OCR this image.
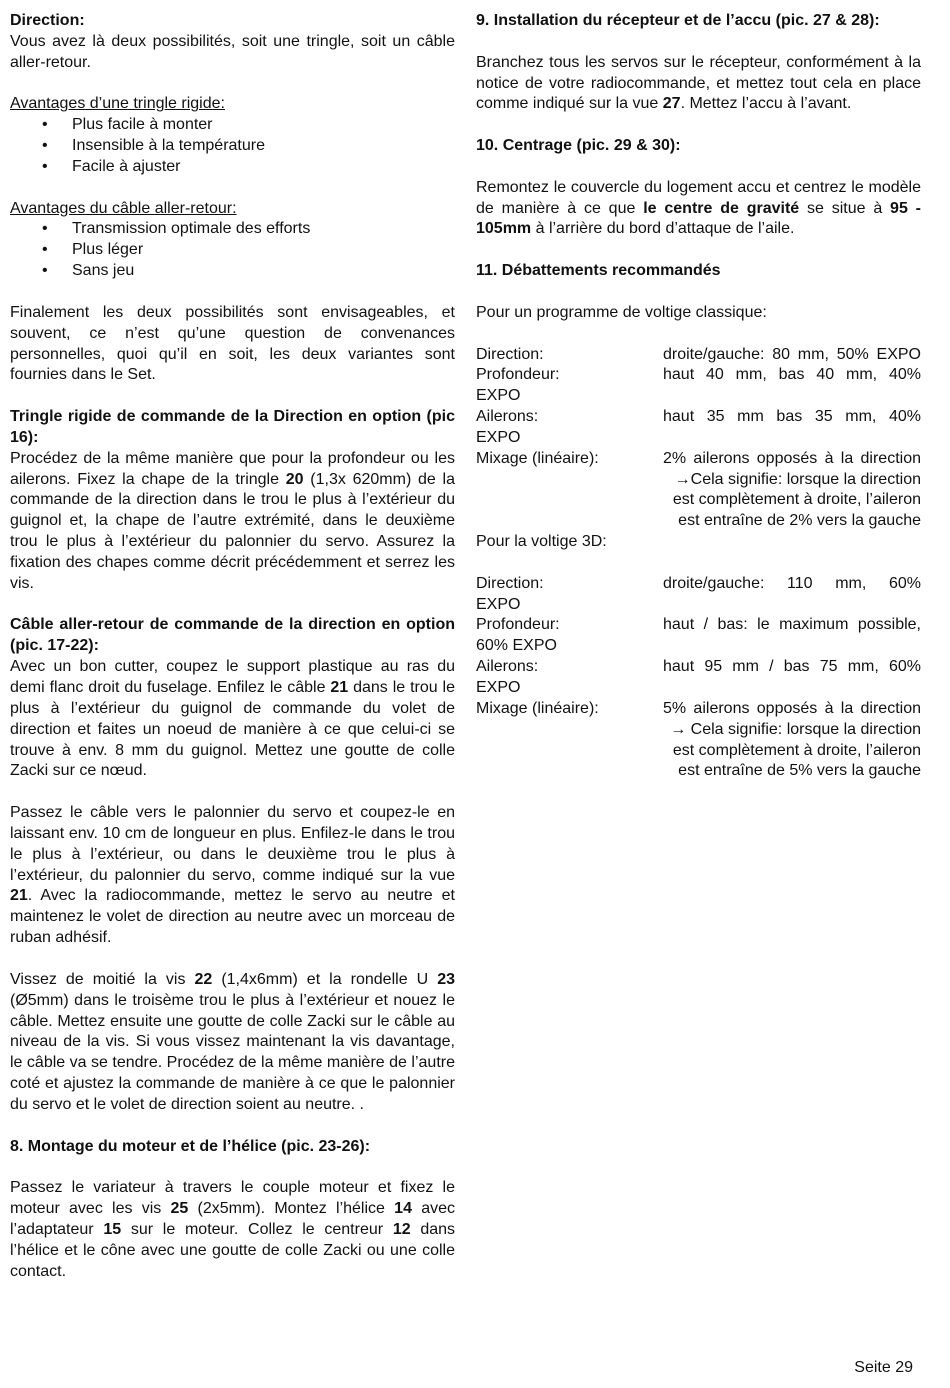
Direction:

Vous avez là deux possibilités, soit une tringle, soit un câble aller-retour.

Avantages d’une tringle rigide:

• Plus facile à monter
• Insensible à la température
• Facile à ajuster

Avantages du câble aller-retour:

• Transmission optimale des efforts
• Plus léger
• Sans jeu

Finalement les deux possibilités sont envisageables, et souvent, ce n’est qu’une question de convenances personnelles, quoi qu’il en soit, les deux variantes sont fournies dans le Set.

Tringle rigide de commande de la Direction en option (pic 16):

Procédez de la même manière que pour la profondeur ou les ailerons. Fixez la chape de la tringle 20 (1,3x 620mm) de la commande de la direction dans le trou le plus à l’extérieur du guignol et, la chape de l’autre extrémité, dans le deuxième trou le plus à l’extérieur du palonnier du servo. Assurez la fixation des chapes comme décrit précédemment et serrez les vis.

Câble aller-retour de commande de la direction en option (pic. 17-22):

Avec un bon cutter, coupez le support plastique au ras du demi flanc droit du fuselage. Enfilez le câble 21 dans le trou le plus à l’extérieur du guignol de commande du volet de direction et faites un noeud de manière à ce que celui-ci se trouve à env. 8 mm du guignol. Mettez une goutte de colle Zacki sur ce nœud.

Passez le câble vers le palonnier du servo et coupez-le en laissant env. 10 cm de longueur en plus. Enfilez-le dans le trou le plus à l’extérieur, ou dans le deuxième trou le plus à l’extérieur, du palonnier du servo, comme indiqué sur la vue 21. Avec la radiocommande, mettez le servo au neutre et maintenez le volet de direction au neutre avec un morceau de ruban adhésif.

Vissez de moitié la vis 22 (1,4x6mm) et la rondelle U 23 (Ø5mm) dans le troisème trou le plus à l’extérieur et nouez le câble. Mettez ensuite une goutte de colle Zacki sur le câble au niveau de la vis. Si vous vissez maintenant la vis davantage, le câble va se tendre. Procédez de la même manière de l’autre coté et ajustez la commande de manière à ce que le palonnier du servo et le volet de direction soient au neutre. .

8. Montage du moteur et de l’hélice (pic. 23-26):

Passez le variateur à travers le couple moteur et fixez le moteur avec les vis 25 (2x5mm). Montez l’hélice 14 avec l’adaptateur 15 sur le moteur. Collez le centreur 12 dans l’hélice et le cône avec une goutte de colle Zacki ou une colle contact.

9. Installation du récepteur et de l’accu (pic. 27 & 28):

Branchez tous les servos sur le récepteur, conformément à la notice de votre radiocommande, et mettez tout cela en place comme indiqué sur la vue 27. Mettez l’accu à l’avant.

10. Centrage (pic. 29 & 30):

Remontez le couvercle du logement accu et centrez le modèle de manière à ce que le centre de gravité se situe à 95 - 105mm à l’arrière du bord d’attaque de l’aile.

11. Débattements recommandés

Pour un programme de voltige classique:

Direction:	droite/gauche: 80 mm, 50% EXPO
Profondeur:	haut 40 mm, bas 40 mm, 40%
EXPO
Ailerons:	haut 35 mm bas 35 mm, 40%
EXPO
Mixage (linéaire):	2% ailerons opposés à la direction

→Cela signifie: lorsque la direction

est complètement à droite, l’aileron

est entraîne de 2% vers la gauche

Pour la voltige 3D:

Direction:	droite/gauche: 110 mm, 60%
EXPO
Profondeur:	haut / bas: le maximum possible,
60% EXPO
Ailerons:	haut 95 mm / bas 75 mm, 60%
EXPO
Mixage (linéaire):	5% ailerons opposés à la direction

→ Cela signifie: lorsque la direction

est complètement à droite, l’aileron

est entraîne de 5% vers la gauche

Seite 29
